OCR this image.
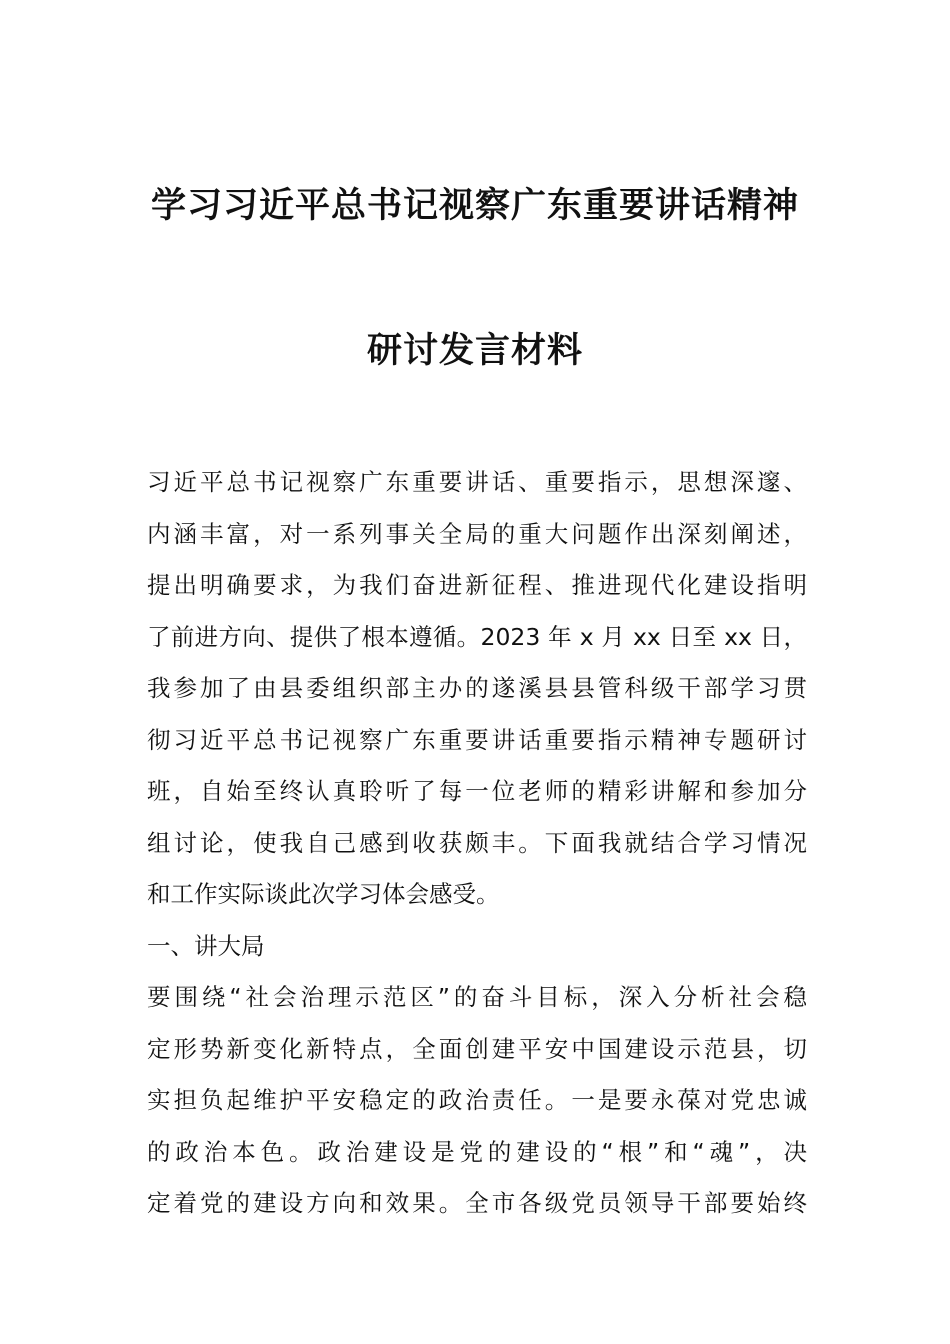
学习习近平总书记视察广东重要讲话精神
研讨发言材料
习近平总书记视察广东重要讲话、重要指示，思想深邃、
内涵丰富，对一系列事关全局的重大问题作出深刻阐述，
提出明确要求，为我们奋进新征程、推进现代化建设指明
了前进方向、提供了根本遵循。2023 年 x 月 xx 日至 xx 日，
我参加了由县委组织部主办的遂溪县县管科级干部学习贯
彻习近平总书记视察广东重要讲话重要指示精神专题研讨
班，自始至终认真聆听了每一位老师的精彩讲解和参加分
组讨论，使我自己感到收获颇丰。下面我就结合学习情况
和工作实际谈此次学习体会感受。
一、讲大局
要围绕“社会治理示范区”的奋斗目标，深入分析社会稳
定形势新变化新特点，全面创建平安中国建设示范县，切
实担负起维护平安稳定的政治责任。一是要永葆对党忠诚
的政治本色。政治建设是党的建设的“根”和“魂”，决
定着党的建设方向和效果。全市各级党员领导干部要始终
